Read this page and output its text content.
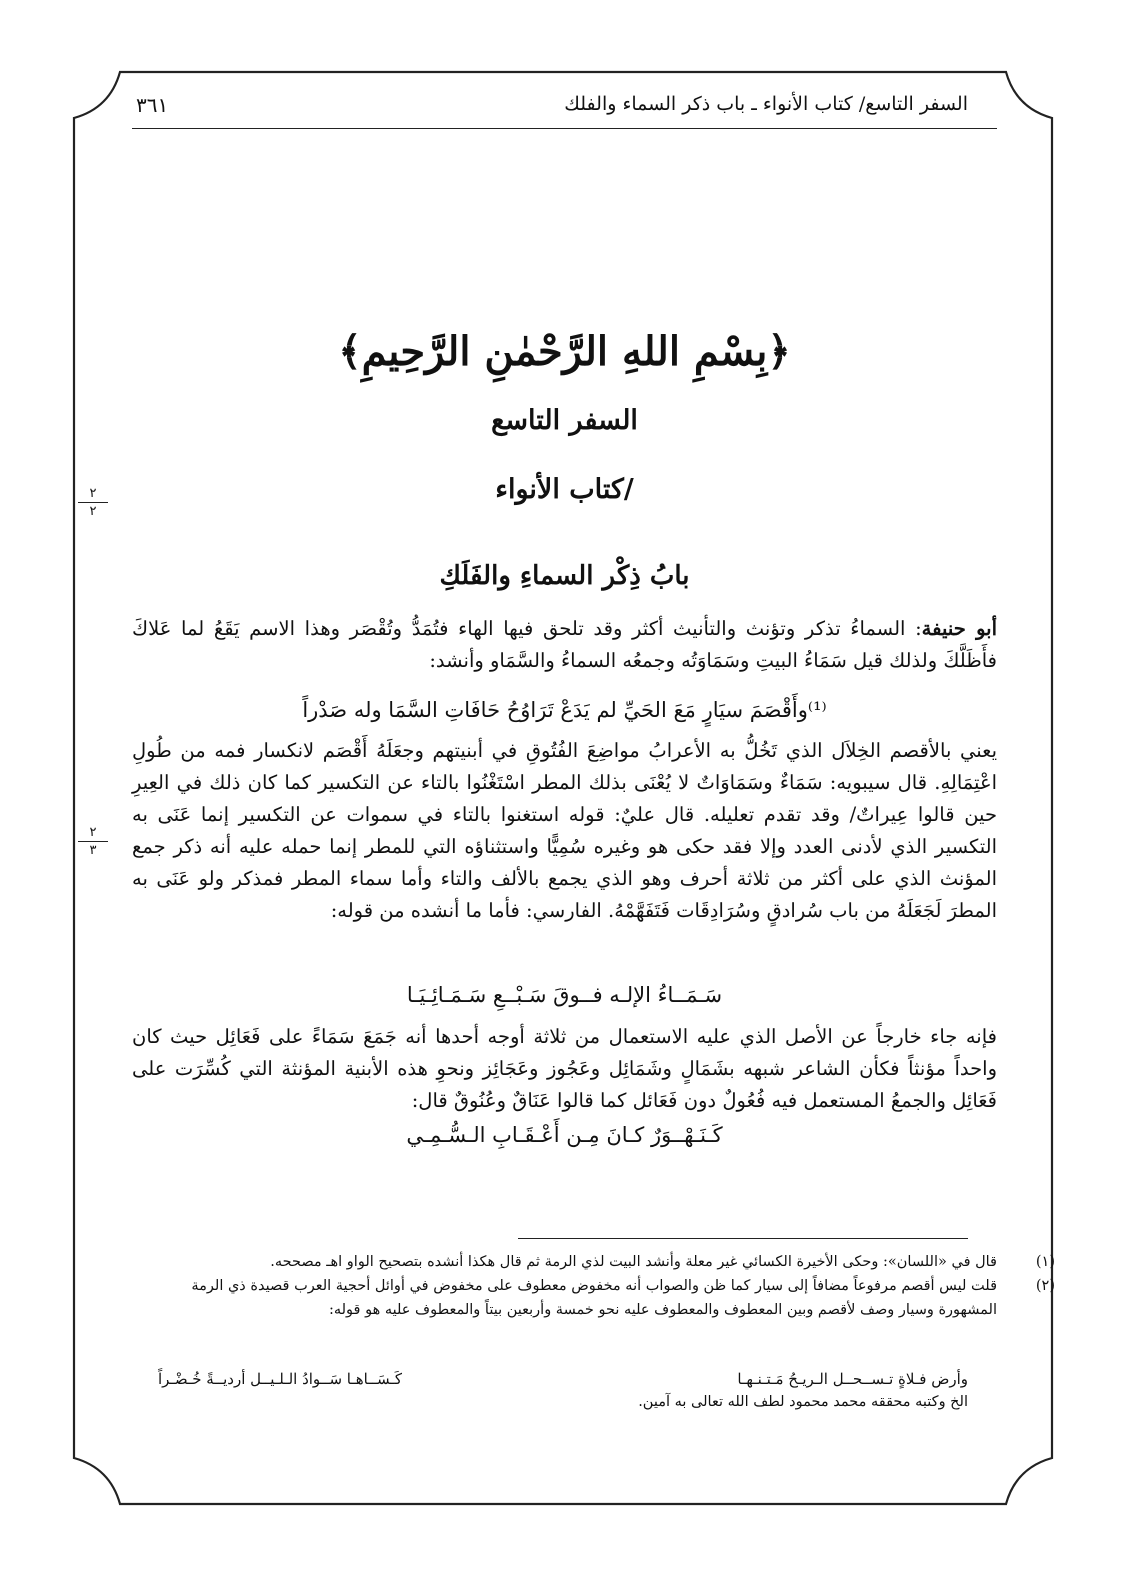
السفر التاسع/ كتاب الأنواء ـ باب ذكر السماء والفلك
٣٦١
﴿بِسْمِ اللهِ الرَّحْمٰنِ الرَّحِيمِ﴾
السفر التاسع
/كتاب الأنواء
بابُ ذِكْر السماءِ والفَلَكِ
٢
٢
٢
٣
أبو حنيفة: السماءُ تذكر وتؤنث والتأنيث أكثر وقد تلحق فيها الهاء فتُمَدُّ وتُقْصَر وهذا الاسم يَقَعُ لما عَلاكَ فأَظَلَّكَ ولذلك قيل سَمَاءُ البيتِ وسَمَاوَتُه وجمعُه السماءُ والسَّمَاو وأنشد:
⁽¹⁾وأَقْصَمَ سيَارٍ مَعَ الحَيِّ لم يَدَعْ تَرَاوُحُ حَافَاتِ السَّمَا وله صَدْراً
يعني بالأقصم الخِلاَل الذي تَخُلُّ به الأعرابُ مواضِعَ الفُتُوقِ في أبنيتهم وجعَلَهُ أَقْصَم لانكسار فمه من طُولِ اعْتِمَالِهِ. قال سيبويه: سَمَاءٌ وسَمَاوَاتٌ لا يُعْنَى بذلك المطر اسْتَغْنُوا بالتاء عن التكسير كما كان ذلك في العِيرِ حين قالوا عِيراتٌ/ وقد تقدم تعليله. قال عليٌ: قوله استغنوا بالتاء في سموات عن التكسير إنما عَنَى به التكسير الذي لأدنى العدد وإلا فقد حكى هو وغيره سُمِيًّا واستثناؤه التي للمطر إنما حمله عليه أنه ذكر جمع المؤنث الذي على أكثر من ثلاثة أحرف وهو الذي يجمع بالألف والتاء وأما سماء المطر فمذكر ولو عَنَى به المطرَ لَجَعَلَهُ من باب سُرادقٍ وسُرَادِقَات فَتَفَهَّمْهُ. الفارسي: فأما ما أنشده من قوله:
سَـمَــاءُ الإلـه فــوقَ سَـبْــعِ سَـمَـائِـيَـا
فإنه جاء خارجاً عن الأصل الذي عليه الاستعمال من ثلاثة أوجه أحدها أنه جَمَعَ سَمَاءً على فَعَائِل حيث كان واحداً مؤنثاً فكأن الشاعر شبهه بشَمَالٍ وشَمَائِل وعَجُوز وعَجَائِز ونحوِ هذه الأبنية المؤنثة التي كُسِّرَت على فَعَائِل والجمعُ المستعمل فيه فُعُولٌ دون فَعَائل كما قالوا عَنَاقٌ وعُنُوقٌ قال:
كَـنَـهْــوَرٌ كـانَ مِـن أَعْـقَـابِ الـسُّـمِـي
(١)
قال في «اللسان»: وحكى الأخيرة الكسائي غير معلة وأنشد البيت لذي الرمة ثم قال هكذا أنشده بتصحيح الواو اهـ مصححه.
(٢)
قلت ليس أقصم مرفوعاً مضافاً إلى سيار كما ظن والصواب أنه مخفوض معطوف على مخفوض في أوائل أحجية العرب قصيدة ذي الرمة المشهورة وسيار وصف لأقصم وبين المعطوف والمعطوف عليه نحو خمسة وأربعين بيتاً والمعطوف عليه هو قوله:
وأرض فـلاةٍ تـســحــل الـريـحُ مَـتـنـهـا
كَـسَــاهـا سَــوادُ الـلـيــل أرديــةً خُـضْـراً
الخ وكتبه محققه محمد محمود لطف الله تعالى به آمين.
